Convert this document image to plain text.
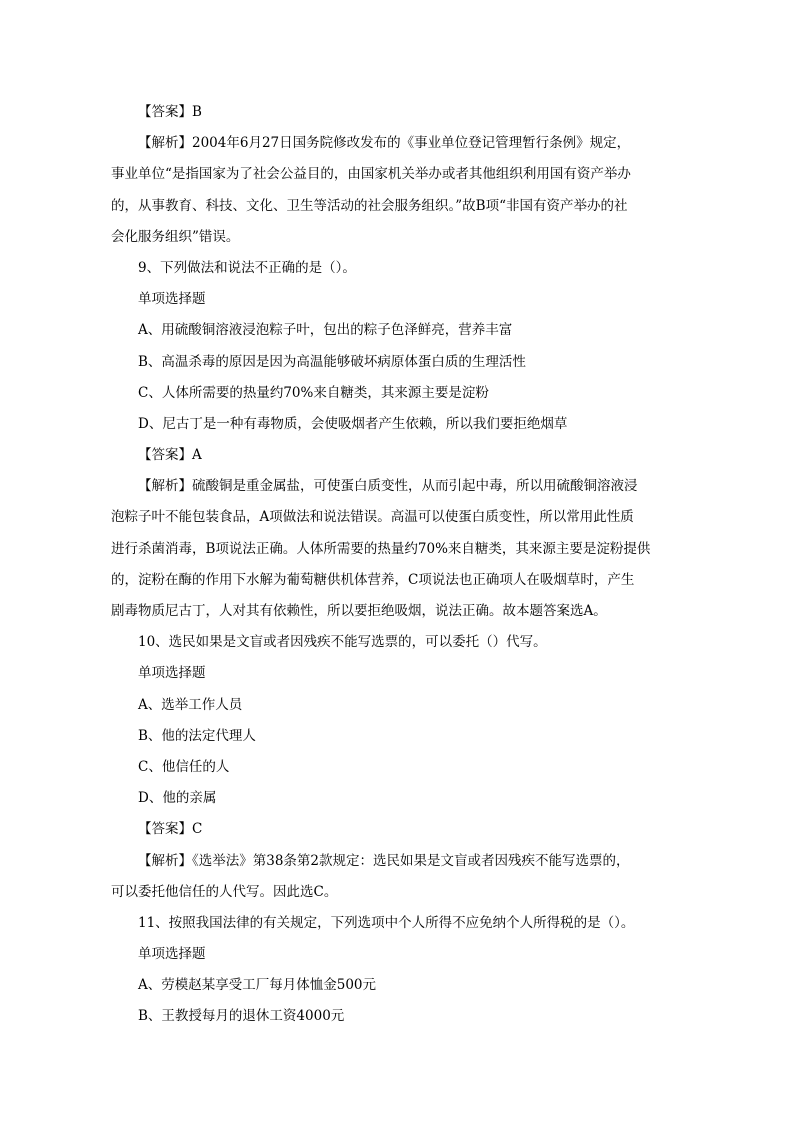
【答案】B
【解析】2004年6月27日国务院修改发布的《事业单位登记管理暂行条例》规定，
事业单位“是指国家为了社会公益目的，由国家机关举办或者其他组织利用国有资产举办
的，从事教育、科技、文化、卫生等活动的社会服务组织。”故B项“非国有资产举办的社
会化服务组织”错误。
9、下列做法和说法不正确的是（）。
单项选择题
A、用硫酸铜溶液浸泡粽子叶，包出的粽子色泽鲜亮，营养丰富
B、高温杀毒的原因是因为高温能够破坏病原体蛋白质的生理活性
C、人体所需要的热量约70%来自糖类，其来源主要是淀粉
D、尼古丁是一种有毒物质，会使吸烟者产生依赖，所以我们要拒绝烟草
【答案】A
【解析】硫酸铜是重金属盐，可使蛋白质变性，从而引起中毒，所以用硫酸铜溶液浸
泡粽子叶不能包装食品，A项做法和说法错误。高温可以使蛋白质变性，所以常用此性质
进行杀菌消毒，B项说法正确。人体所需要的热量约70%来自糖类，其来源主要是淀粉提供
的，淀粉在酶的作用下水解为葡萄糖供机体营养，C项说法也正确项人在吸烟草时，产生
剧毒物质尼古丁，人对其有依赖性，所以要拒绝吸烟，说法正确。故本题答案选A。
10、选民如果是文盲或者因残疾不能写选票的，可以委托（）代写。
单项选择题
A、选举工作人员
B、他的法定代理人
C、他信任的人
D、他的亲属
【答案】C
【解析】《选举法》第38条第2款规定：选民如果是文盲或者因残疾不能写选票的，
可以委托他信任的人代写。因此选C。
11、按照我国法律的有关规定，下列选项中个人所得不应免纳个人所得税的是（）。
单项选择题
A、劳模赵某享受工厂每月体恤金500元
B、王教授每月的退休工资4000元
